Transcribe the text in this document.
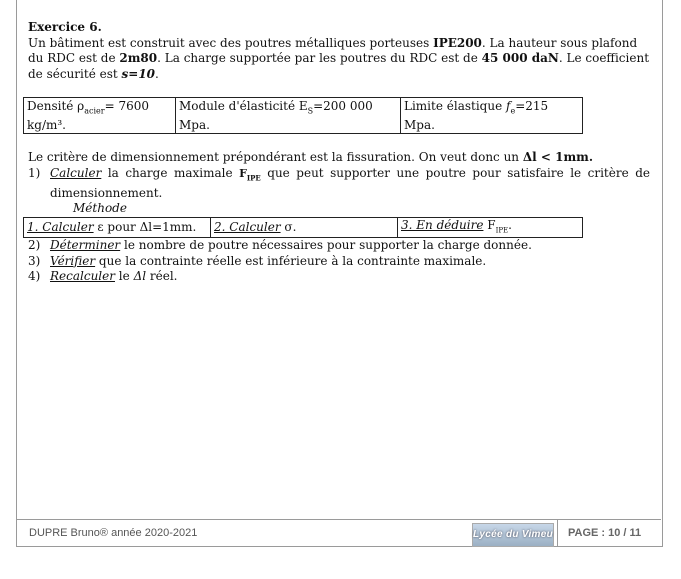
Exercice 6.

Un bâtiment est construit avec des poutres métalliques porteuses IPE200. La hauteur sous plafond du RDC est de 2m80. La charge supportée par les poutres du RDC est de 45 000 daN. Le coefficient de sécurité est s=10.

Densité $\rho_{acier}= 7600$ kg/m³.	Module d'élasticité $E_S=200$ 000 Mpa.	Limite élastique $f_e=215$ Mpa.

Le critère de dimensionnement prépondérant est la fissuration. On veut donc un Δl < 1mm.

1) Calculer la charge maximale $F_{IPE}$ que peut supporter une poutre pour satisfaire le critère de dimensionnement.
Méthode
1. Calculer ε pour Δl=1mm.	2. Calculer σ.	3. En déduire $F_{IPE}$.
2) Déterminer le nombre de poutre nécessaires pour supporter la charge donnée.
3) Vérifier que la contrainte réelle est inférieure à la contrainte maximale.
4) Recalculer le Δl réel.
DUPRE Bruno® année 2020-2021	Lycée du Vimeu PAGE : 10 / 11
